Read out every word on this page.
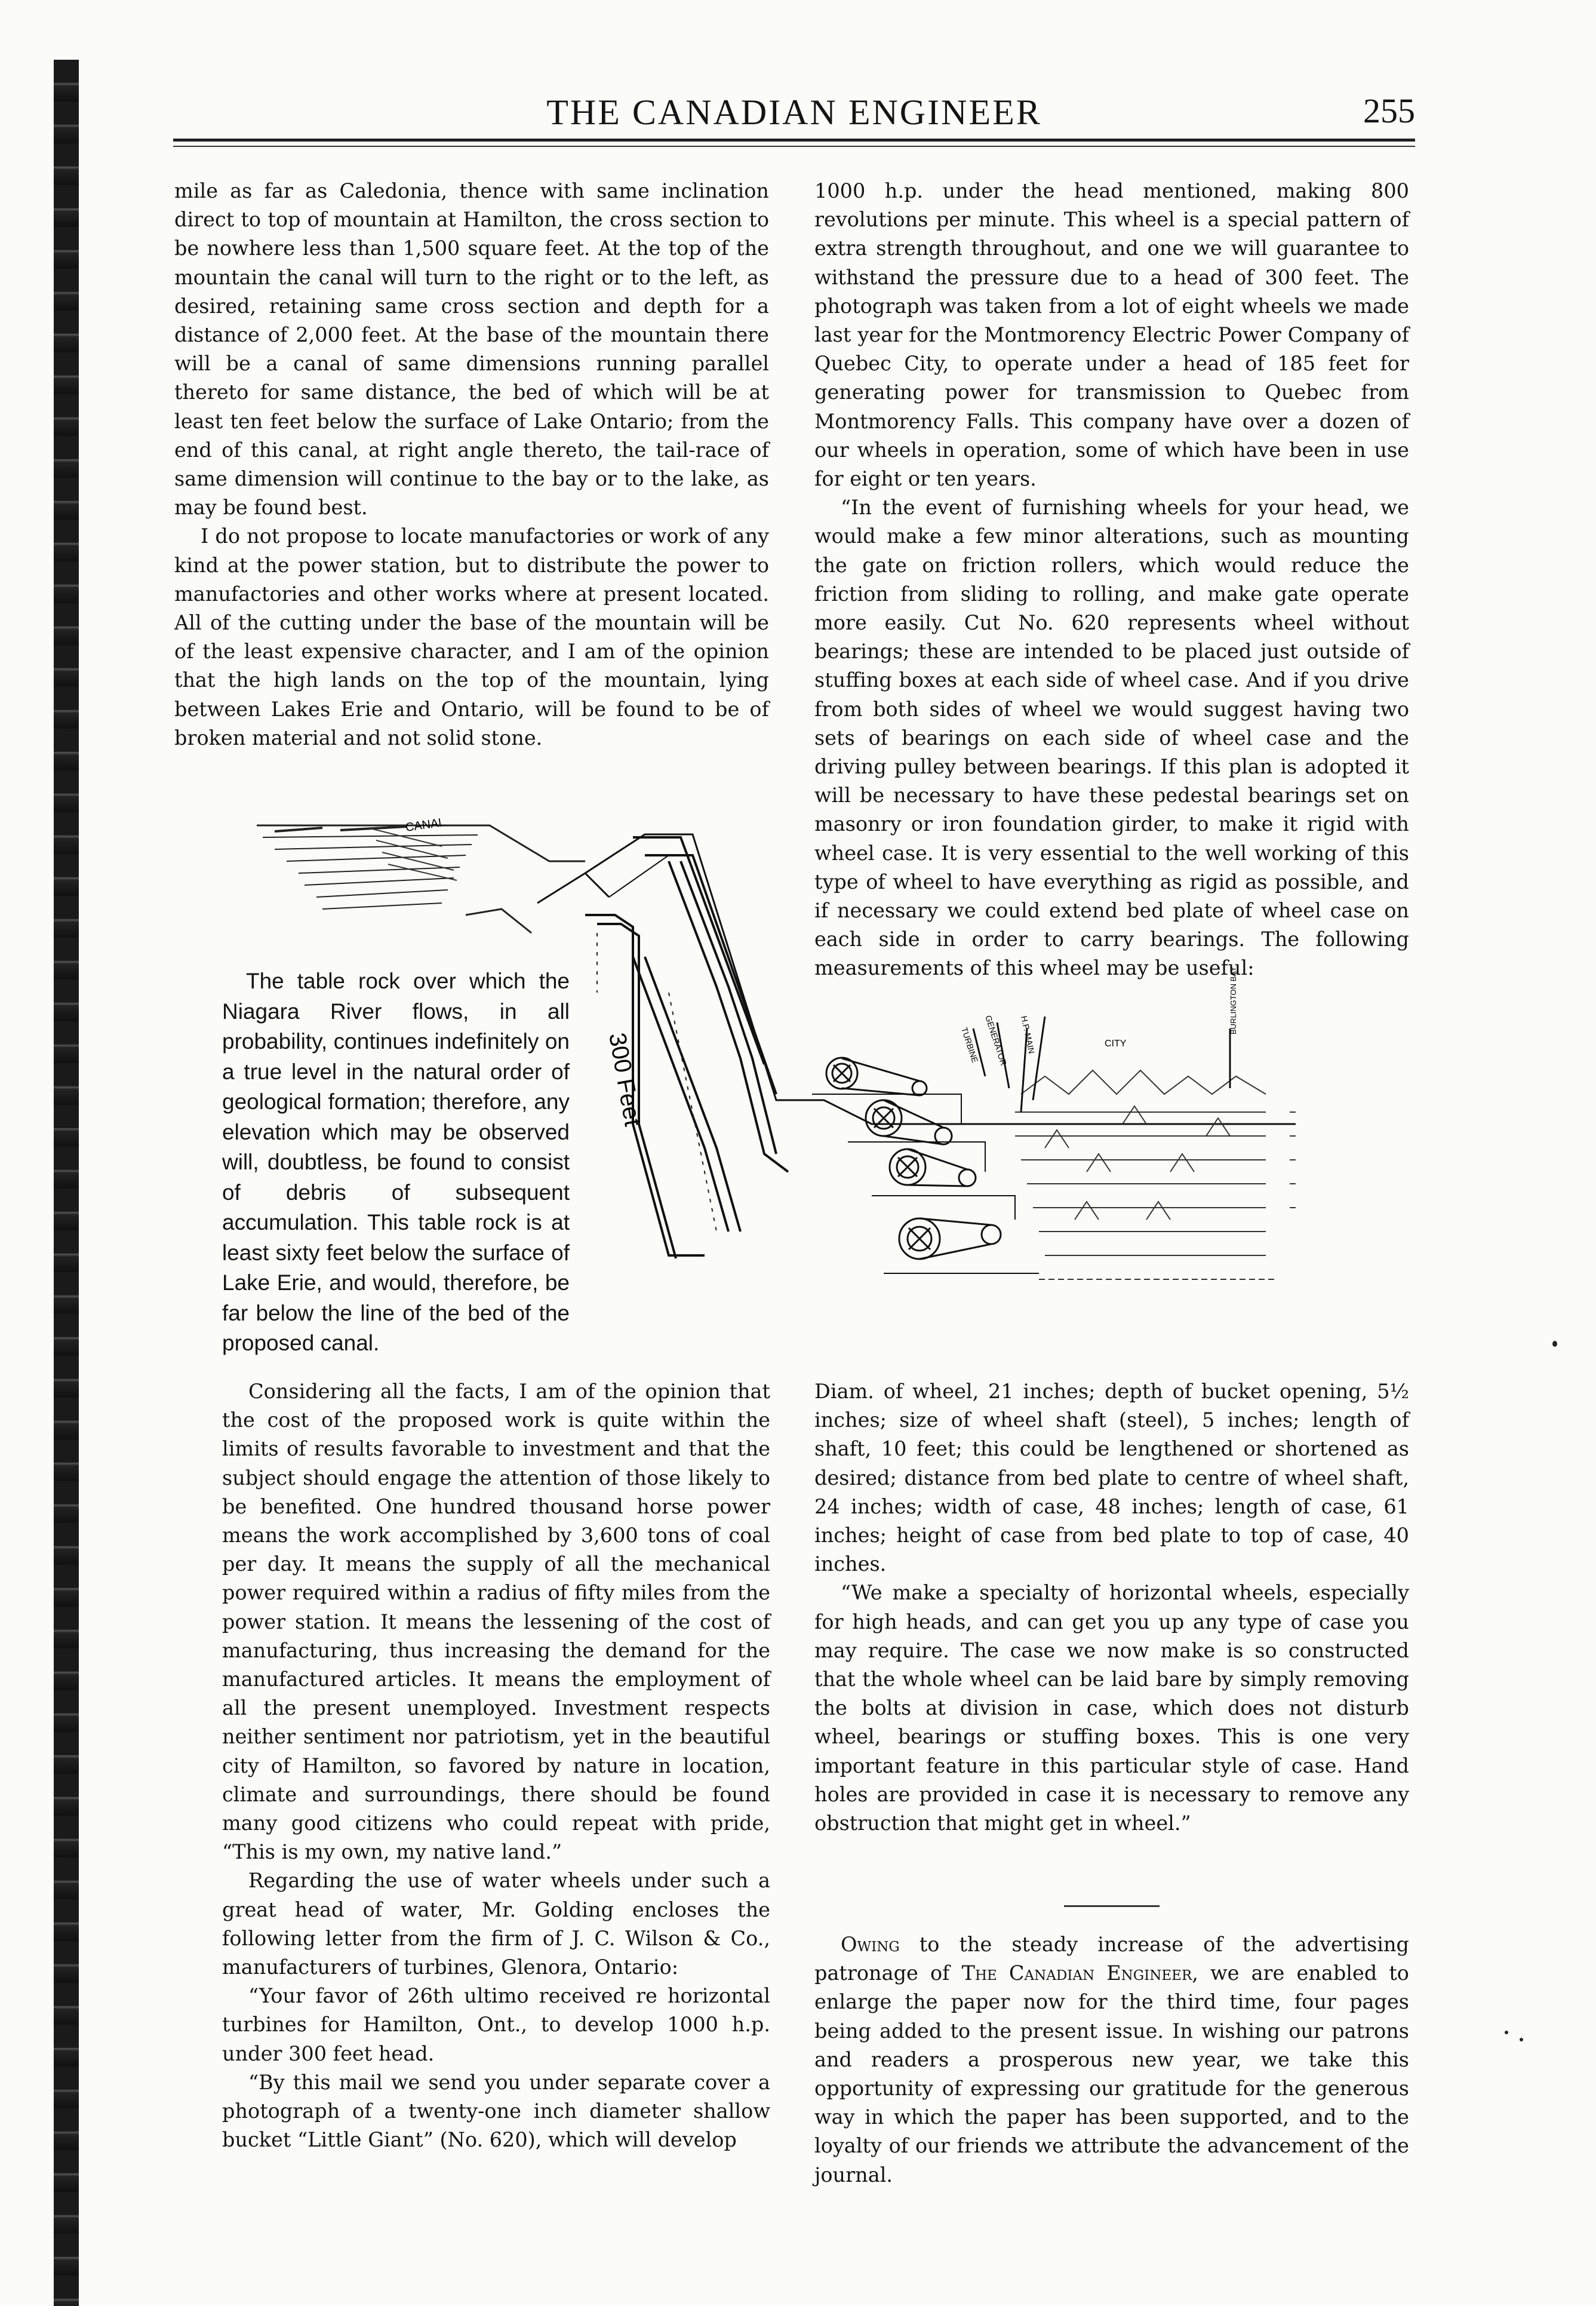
THE CANADIAN ENGINEER	255

mile as far as Caledonia, thence with same inclination direct to top of mountain at Hamilton, the cross section to be nowhere less than 1,500 square feet. At the top of the mountain the canal will turn to the right or to the left, as desired, retaining same cross section and depth for a distance of 2,000 feet. At the base of the mountain there will be a canal of same dimensions running parallel thereto for same distance, the bed of which will be at least ten feet below the surface of Lake Ontario; from the end of this canal, at right angle thereto, the tail-race of same dimension will continue to the bay or to the lake, as may be found best.

I do not propose to locate manufactories or work of any kind at the power station, but to distribute the power to manufactories and other works where at present located. All of the cutting under the base of the mountain will be of the least expensive character, and I am of the opinion that the high lands on the top of the mountain, lying between Lakes Erie and Ontario, will be found to be of broken material and not solid stone.

1000 h.p. under the head mentioned, making 800 revolutions per minute. This wheel is a special pattern of extra strength throughout, and one we will guarantee to withstand the pressure due to a head of 300 feet. The photograph was taken from a lot of eight wheels we made last year for the Montmorency Electric Power Company of Quebec City, to operate under a head of 185 feet for generating power for transmission to Quebec from Montmorency Falls. This company have over a dozen of our wheels in operation, some of which have been in use for eight or ten years.

“In the event of furnishing wheels for your head, we would make a few minor alterations, such as mounting the gate on friction rollers, which would reduce the friction from sliding to rolling, and make gate operate more easily. Cut No. 620 represents wheel without bearings; these are intended to be placed just outside of stuffing boxes at each side of wheel case. And if you drive from both sides of wheel we would suggest having two sets of bearings on each side of wheel case and the driving pulley between bearings. If this plan is adopted it will be necessary to have these pedestal bearings set on masonry or iron foundation girder, to make it rigid with wheel case. It is very essential to the well working of this type of wheel to have everything as rigid as possible, and if necessary we could extend bed plate of wheel case on each side in order to carry bearings. The following measurements of this wheel may be useful:

CANAL
300 Feet	TURBINE GENERATOR H.P. MAIN	CITY
BURLINGTON BAY

The table rock over which the Niagara River flows, in all probability, continues indefinitely on a true level in the natural order of geological formation; therefore, any elevation which may be observed will, doubtless, be found to consist of debris of subsequent accumulation. This table rock is at least sixty feet below the surface of Lake Erie, and would, therefore, be far below the line of the bed of the proposed canal.

Considering all the facts, I am of the opinion that the cost of the proposed work is quite within the limits of results favorable to investment and that the subject should engage the attention of those likely to be benefited. One hundred thousand horse power means the work accomplished by 3,600 tons of coal per day. It means the supply of all the mechanical power required within a radius of fifty miles from the power station. It means the lessening of the cost of manufacturing, thus increasing the demand for the manufactured articles. It means the employment of all the present unemployed. Investment respects neither sentiment nor patriotism, yet in the beautiful city of Hamilton, so favored by nature in location, climate and surroundings, there should be found many good citizens who could repeat with pride, “This is my own, my native land.”

Regarding the use of water wheels under such a great head of water, Mr. Golding encloses the following letter from the firm of J. C. Wilson & Co., manufacturers of turbines, Glenora, Ontario:

“Your favor of 26th ultimo received re horizontal turbines for Hamilton, Ont., to develop 1000 h.p. under 300 feet head.

“By this mail we send you under separate cover a photograph of a twenty-one inch diameter shallow bucket “Little Giant” (No. 620), which will develop

Diam. of wheel, 21 inches; depth of bucket opening, 5½ inches; size of wheel shaft (steel), 5 inches; length of shaft, 10 feet; this could be lengthened or shortened as desired; distance from bed plate to centre of wheel shaft, 24 inches; width of case, 48 inches; length of case, 61 inches; height of case from bed plate to top of case, 40 inches.

“We make a specialty of horizontal wheels, especially for high heads, and can get you up any type of case you may require. The case we now make is so constructed that the whole wheel can be laid bare by simply removing the bolts at division in case, which does not disturb wheel, bearings or stuffing boxes. This is one very important feature in this particular style of case. Hand holes are provided in case it is necessary to remove any obstruction that might get in wheel.”

Owing to the steady increase of the advertising patronage of The Canadian Engineer, we are enabled to enlarge the paper now for the third time, four pages being added to the present issue. In wishing our patrons and readers a prosperous new year, we take this opportunity of expressing our gratitude for the generous way in which the paper has been supported, and to the loyalty of our friends we attribute the advancement of the journal.
